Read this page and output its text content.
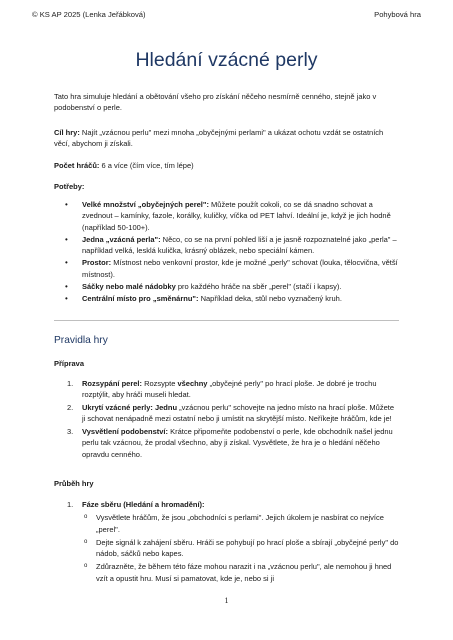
© KS AP 2025 (Lenka Jeřábková)	Pohybová hra
Hledání vzácné perly

Tato hra simuluje hledání a obětování všeho pro získání něčeho nesmírně cenného, stejně jako v podobenství o perle.

Cíl hry: Najít „vzácnou perlu" mezi mnoha „obyčejnými perlami" a ukázat ochotu vzdát se ostatních věcí, abychom ji získali.

Počet hráčů: 6 a více (čím více, tím lépe)

Potřeby:

• Velké množství „obyčejných perel": Můžete použít cokoli, co se dá snadno schovat a zvednout – kamínky, fazole, korálky, kuličky, víčka od PET lahví. Ideální je, když je jich hodně (například 50-100+).
• Jedna „vzácná perla": Něco, co se na první pohled liší a je jasně rozpoznatelné jako „perla" – například velká, lesklá kulička, krásný oblázek, nebo speciální kámen.
• Prostor: Místnost nebo venkovní prostor, kde je možné „perly" schovat (louka, tělocvična, větší místnost).
• Sáčky nebo malé nádobky pro každého hráče na sběr „perel" (stačí i kapsy).
• Centrální místo pro „směnárnu": Například deka, stůl nebo vyznačený kruh.
Pravidla hry
Příprava
1. Rozsypání perel: Rozsypte všechny „obyčejné perly" po hrací ploše. Je dobré je trochu rozptýlit, aby hráči museli hledat.
2. Ukrytí vzácné perly: Jednu „vzácnou perlu" schovejte na jedno místo na hrací ploše. Můžete ji schovat nenápadně mezi ostatní nebo ji umístit na skrytější místo. Neříkejte hráčům, kde je!
3. Vysvětlení podobenství: Krátce připomeňte podobenství o perle, kde obchodník našel jednu perlu tak vzácnou, že prodal všechno, aby ji získal. Vysvětlete, že hra je o hledání něčeho opravdu cenného.
Průběh hry
1. Fáze sběru (Hledání a hromadění):
o Vysvětlete hráčům, že jsou „obchodníci s perlami". Jejich úkolem je nasbírat co nejvíce „perel".
o Dejte signál k zahájení sběru. Hráči se pohybují po hrací ploše a sbírají „obyčejné perly" do nádob, sáčků nebo kapes.
o Zdůrazněte, že během této fáze mohou narazit i na „vzácnou perlu", ale nemohou ji hned vzít a opustit hru. Musí si pamatovat, kde je, nebo si ji
1
